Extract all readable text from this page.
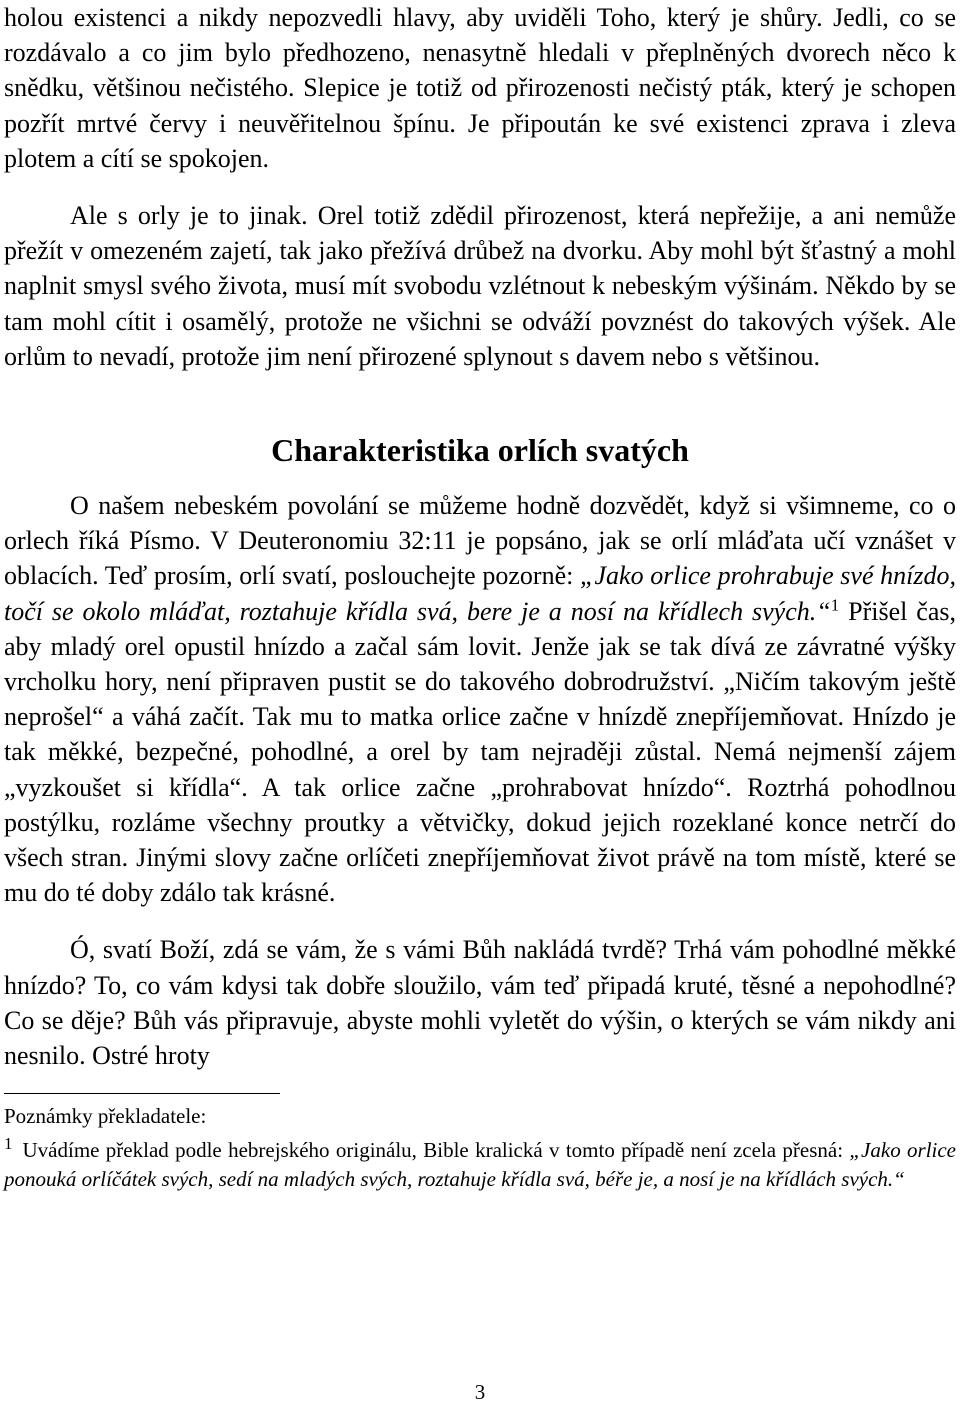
holou existenci a nikdy nepozvedli hlavy, aby uviděli Toho, který je shůry. Jedli, co se rozdávalo a co jim bylo předhozeno, nenasytně hledali v přeplněných dvorech něco k snědku, většinou nečistého. Slepice je totiž od přirozenosti nečistý pták, který je schopen pozřít mrtvé červy i neuvěřitelnou špínu. Je připoután ke své existenci zprava i zleva plotem a cítí se spokojen.

Ale s orly je to jinak. Orel totiž zdědil přirozenost, která nepřežije, a ani nemůže přežít v omezeném zajetí, tak jako přežívá drůbež na dvorku. Aby mohl být šťastný a mohl naplnit smysl svého života, musí mít svobodu vzlétnout k nebeským výšinám. Někdo by se tam mohl cítit i osamělý, protože ne všichni se odváží povznést do takových výšek. Ale orlům to nevadí, protože jim není přirozené splynout s davem nebo s většinou.

Charakteristika orlích svatých

O našem nebeském povolání se můžeme hodně dozvědět, když si všimneme, co o orlech říká Písmo. V Deuteronomiu 32:11 je popsáno, jak se orlí mláďata učí vznášet v oblacích. Teď prosím, orlí svatí, poslouchejte pozorně: „Jako orlice prohrabuje své hnízdo, točí se okolo mláďat, roztahuje křídla svá, bere je a nosí na křídlech svých.“$^1$ Přišel čas, aby mladý orel opustil hnízdo a začal sám lovit. Jenže jak se tak dívá ze závratné výšky vrcholku hory, není připraven pustit se do takového dobrodružství. „Ničím takovým ještě neprošel“ a váhá začít. Tak mu to matka orlice začne v hnízdě znepříjemňovat. Hnízdo je tak měkké, bezpečné, pohodlné, a orel by tam nejraději zůstal. Nemá nejmenší zájem „vyzkoušet si křídla“. A tak orlice začne „prohrabovat hnízdo“. Roztrhá pohodlnou postýlku, rozláme všechny proutky a větvičky, dokud jejich rozeklané konce netrčí do všech stran. Jinými slovy začne orlíčeti znepříjemňovat život právě na tom místě, které se mu do té doby zdálo tak krásné.

Ó, svatí Boží, zdá se vám, že s vámi Bůh nakládá tvrdě? Trhá vám pohodlné měkké hnízdo? To, co vám kdysi tak dobře sloužilo, vám teď připadá kruté, těsné a nepohodlné? Co se děje? Bůh vás připravuje, abyste mohli vyletět do výšin, o kterých se vám nikdy ani nesnilo. Ostré hroty

Poznámky překladatele:

$^1$ Uvádíme překlad podle hebrejského originálu, Bible kralická v tomto případě není zcela přesná: „Jako orlice ponouká orlíčátek svých, sedí na mladých svých, roztahuje křídla svá, béře je, a nosí je na křídlách svých.“

3
